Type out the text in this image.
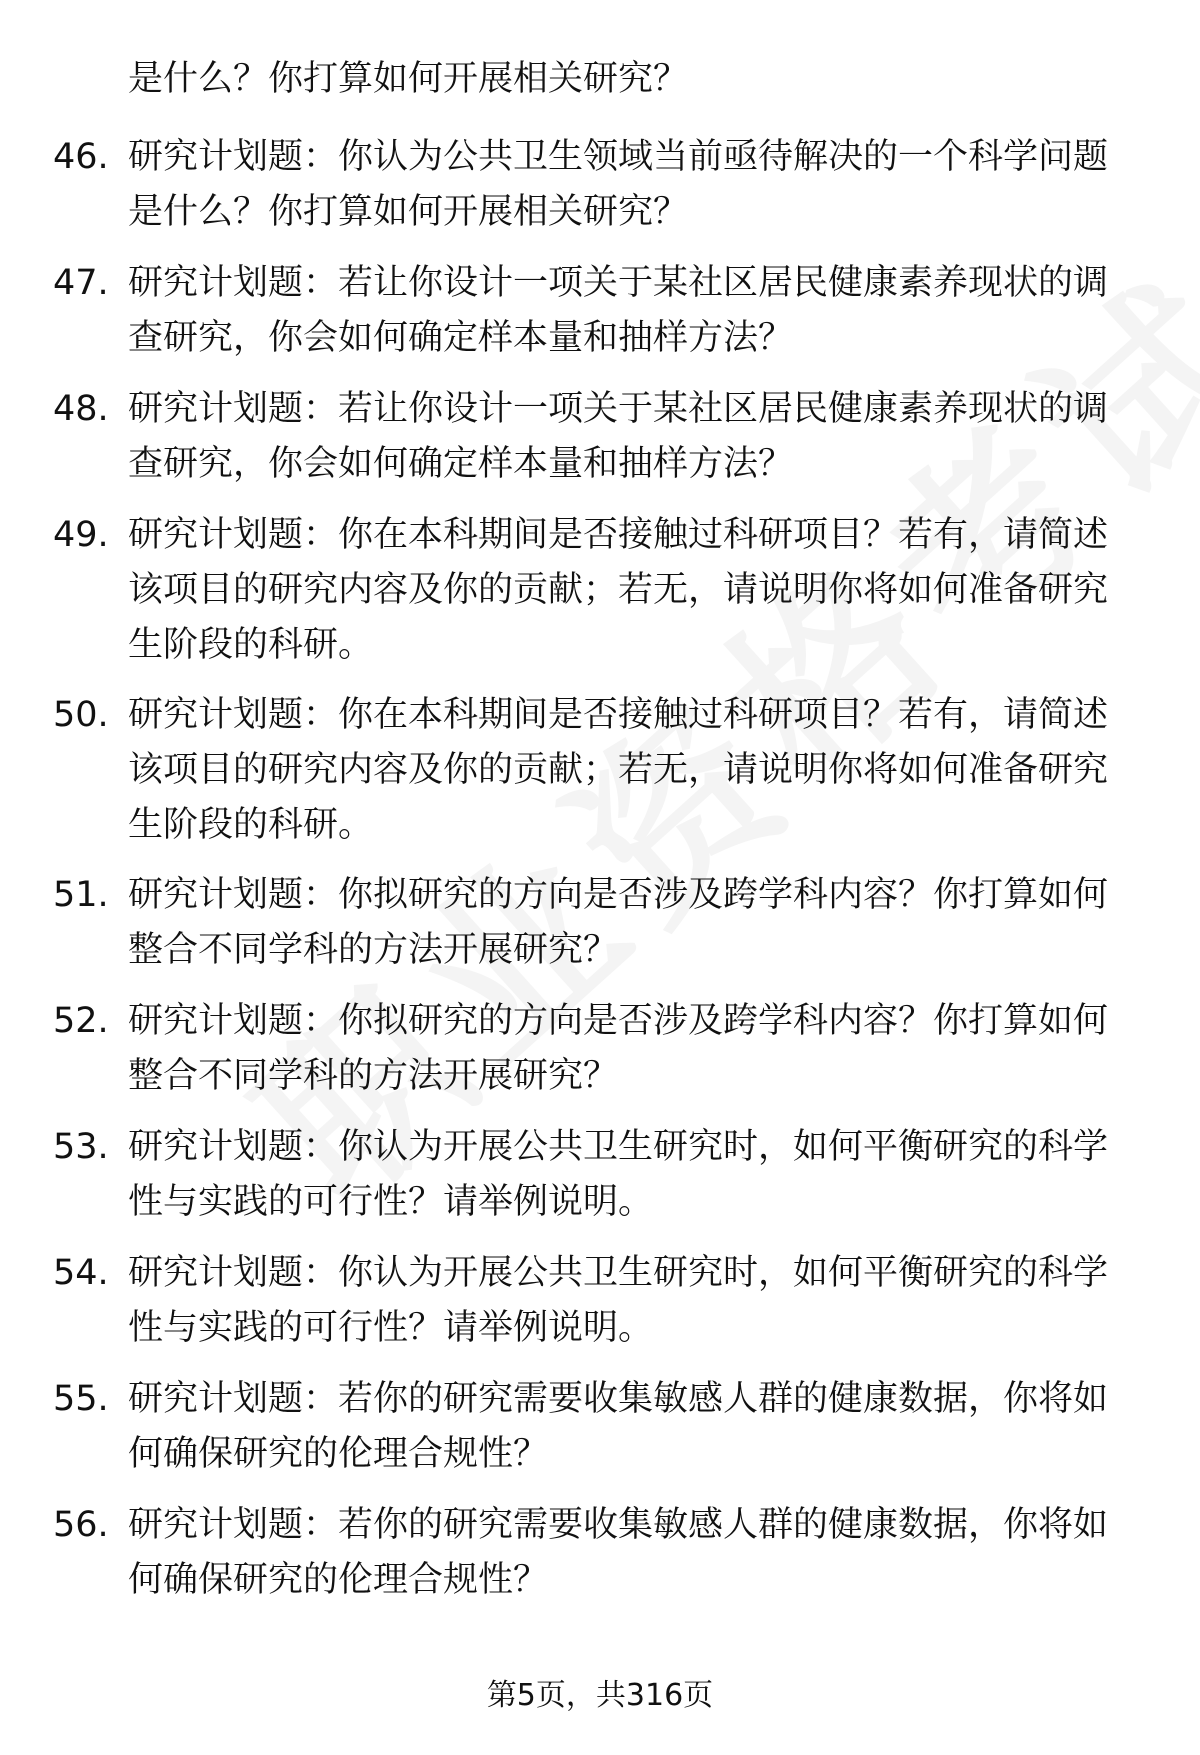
是什么？你打算如何开展相关研究？
46. 研究计划题：你认为公共卫生领域当前亟待解决的一个科学问题是什么？你打算如何开展相关研究？
47. 研究计划题：若让你设计一项关于某社区居民健康素养现状的调查研究，你会如何确定样本量和抽样方法？
48. 研究计划题：若让你设计一项关于某社区居民健康素养现状的调查研究，你会如何确定样本量和抽样方法？
49. 研究计划题：你在本科期间是否接触过科研项目？若有，请简述该项目的研究内容及你的贡献；若无，请说明你将如何准备研究生阶段的科研。
50. 研究计划题：你在本科期间是否接触过科研项目？若有，请简述该项目的研究内容及你的贡献；若无，请说明你将如何准备研究生阶段的科研。
51. 研究计划题：你拟研究的方向是否涉及跨学科内容？你打算如何整合不同学科的方法开展研究？
52. 研究计划题：你拟研究的方向是否涉及跨学科内容？你打算如何整合不同学科的方法开展研究？
53. 研究计划题：你认为开展公共卫生研究时，如何平衡研究的科学性与实践的可行性？请举例说明。
54. 研究计划题：你认为开展公共卫生研究时，如何平衡研究的科学性与实践的可行性？请举例说明。
55. 研究计划题：若你的研究需要收集敏感人群的健康数据，你将如何确保研究的伦理合规性？
56. 研究计划题：若你的研究需要收集敏感人群的健康数据，你将如何确保研究的伦理合规性？
第5页，共316页
